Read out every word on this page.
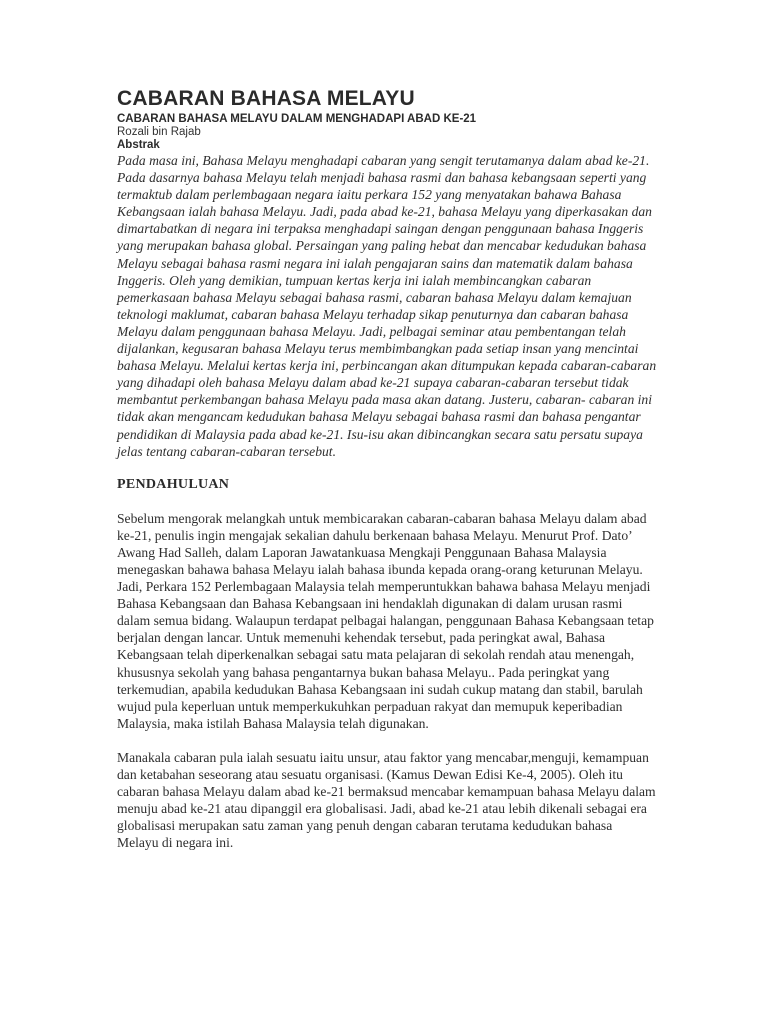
CABARAN BAHASA MELAYU

CABARAN BAHASA MELAYU DALAM MENGHADAPI ABAD KE-21

Rozali bin Rajab

Abstrak

Pada masa ini, Bahasa Melayu menghadapi cabaran yang sengit terutamanya dalam abad ke-21. Pada dasarnya bahasa Melayu telah menjadi bahasa rasmi dan bahasa kebangsaan seperti yang termaktub dalam perlembagaan negara iaitu perkara 152 yang menyatakan bahawa Bahasa Kebangsaan ialah bahasa Melayu. Jadi, pada abad ke-21, bahasa Melayu yang diperkasakan dan dimartabatkan di negara ini terpaksa menghadapi saingan dengan penggunaan bahasa Inggeris yang merupakan bahasa global. Persaingan yang paling hebat dan mencabar kedudukan bahasa Melayu sebagai bahasa rasmi negara ini ialah pengajaran sains dan matematik dalam bahasa Inggeris. Oleh yang demikian, tumpuan kertas kerja ini ialah membincangkan cabaran pemerkasaan bahasa Melayu sebagai bahasa rasmi, cabaran bahasa Melayu dalam kemajuan teknologi maklumat, cabaran bahasa Melayu terhadap sikap penuturnya dan cabaran bahasa Melayu dalam penggunaan bahasa Melayu. Jadi, pelbagai seminar atau pembentangan telah dijalankan, kegusaran bahasa Melayu terus membimbangkan pada setiap insan yang mencintai bahasa Melayu. Melalui kertas kerja ini, perbincangan akan ditumpukan kepada cabaran-cabaran yang dihadapi oleh bahasa Melayu dalam abad ke-21 supaya cabaran-cabaran tersebut tidak membantut perkembangan bahasa Melayu pada masa akan datang. Justeru, cabaran- cabaran ini tidak akan mengancam kedudukan bahasa Melayu sebagai bahasa rasmi dan bahasa pengantar pendidikan di Malaysia pada abad ke-21. Isu-isu akan dibincangkan secara satu persatu supaya jelas tentang cabaran-cabaran tersebut.

PENDAHULUAN

Sebelum mengorak melangkah untuk membicarakan cabaran-cabaran bahasa Melayu dalam abad ke-21, penulis ingin mengajak sekalian dahulu berkenaan bahasa Melayu. Menurut Prof. Dato’ Awang Had Salleh, dalam Laporan Jawatankuasa Mengkaji Penggunaan Bahasa Malaysia menegaskan bahawa bahasa Melayu ialah bahasa ibunda kepada orang-orang keturunan Melayu. Jadi, Perkara 152 Perlembagaan Malaysia telah memperuntukkan bahawa bahasa Melayu menjadi Bahasa Kebangsaan dan Bahasa Kebangsaan ini hendaklah digunakan di dalam urusan rasmi dalam semua bidang. Walaupun terdapat pelbagai halangan, penggunaan Bahasa Kebangsaan tetap berjalan dengan lancar. Untuk memenuhi kehendak tersebut, pada peringkat awal, Bahasa Kebangsaan telah diperkenalkan sebagai satu mata pelajaran di sekolah rendah atau menengah, khususnya sekolah yang bahasa pengantarnya bukan bahasa Melayu.. Pada peringkat yang terkemudian, apabila kedudukan Bahasa Kebangsaan ini sudah cukup matang dan stabil, barulah wujud pula keperluan untuk memperkukuhkan perpaduan rakyat dan memupuk keperibadian Malaysia, maka istilah Bahasa Malaysia telah digunakan.

Manakala cabaran pula ialah sesuatu iaitu unsur, atau faktor yang mencabar,menguji, kemampuan dan ketabahan seseorang atau sesuatu organisasi. (Kamus Dewan Edisi Ke-4, 2005). Oleh itu cabaran bahasa Melayu dalam abad ke-21 bermaksud mencabar kemampuan bahasa Melayu dalam menuju abad ke-21 atau dipanggil era globalisasi. Jadi, abad ke-21 atau lebih dikenali sebagai era globalisasi merupakan satu zaman yang penuh dengan cabaran terutama kedudukan bahasa Melayu di negara ini.
